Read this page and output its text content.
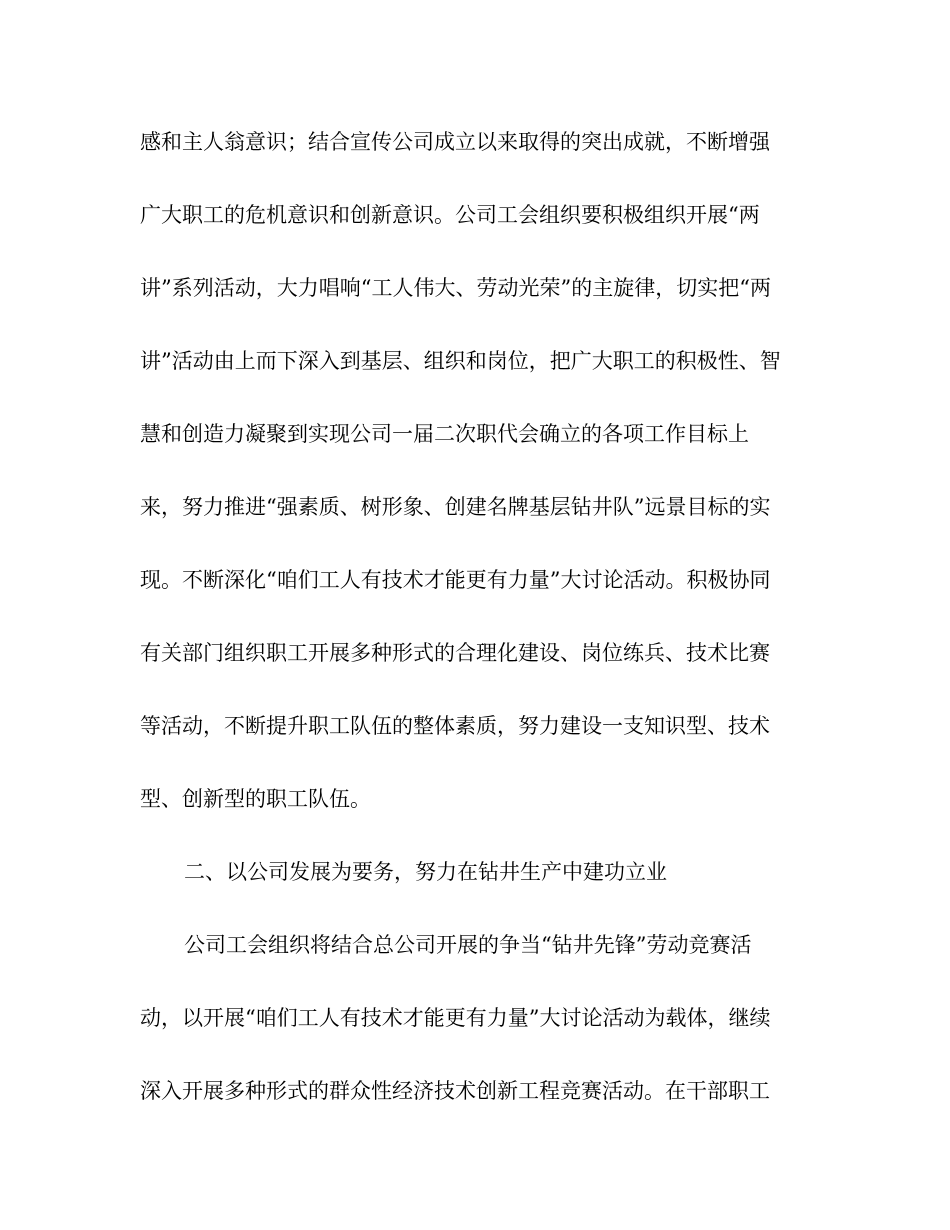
感和主人翁意识；结合宣传公司成立以来取得的突出成就，不断增强
广大职工的危机意识和创新意识。公司工会组织要积极组织开展“两
讲”系列活动，大力唱响“工人伟大、劳动光荣”的主旋律，切实把“两
讲”活动由上而下深入到基层、组织和岗位，把广大职工的积极性、智
慧和创造力凝聚到实现公司一届二次职代会确立的各项工作目标上
来，努力推进“强素质、树形象、创建名牌基层钻井队”远景目标的实
现。不断深化“咱们工人有技术才能更有力量”大讨论活动。积极协同
有关部门组织职工开展多种形式的合理化建设、岗位练兵、技术比赛
等活动，不断提升职工队伍的整体素质，努力建设一支知识型、技术
型、创新型的职工队伍。
二、以公司发展为要务，努力在钻井生产中建功立业
公司工会组织将结合总公司开展的争当“钻井先锋”劳动竞赛活
动，以开展“咱们工人有技术才能更有力量”大讨论活动为载体，继续
深入开展多种形式的群众性经济技术创新工程竞赛活动。在干部职工
